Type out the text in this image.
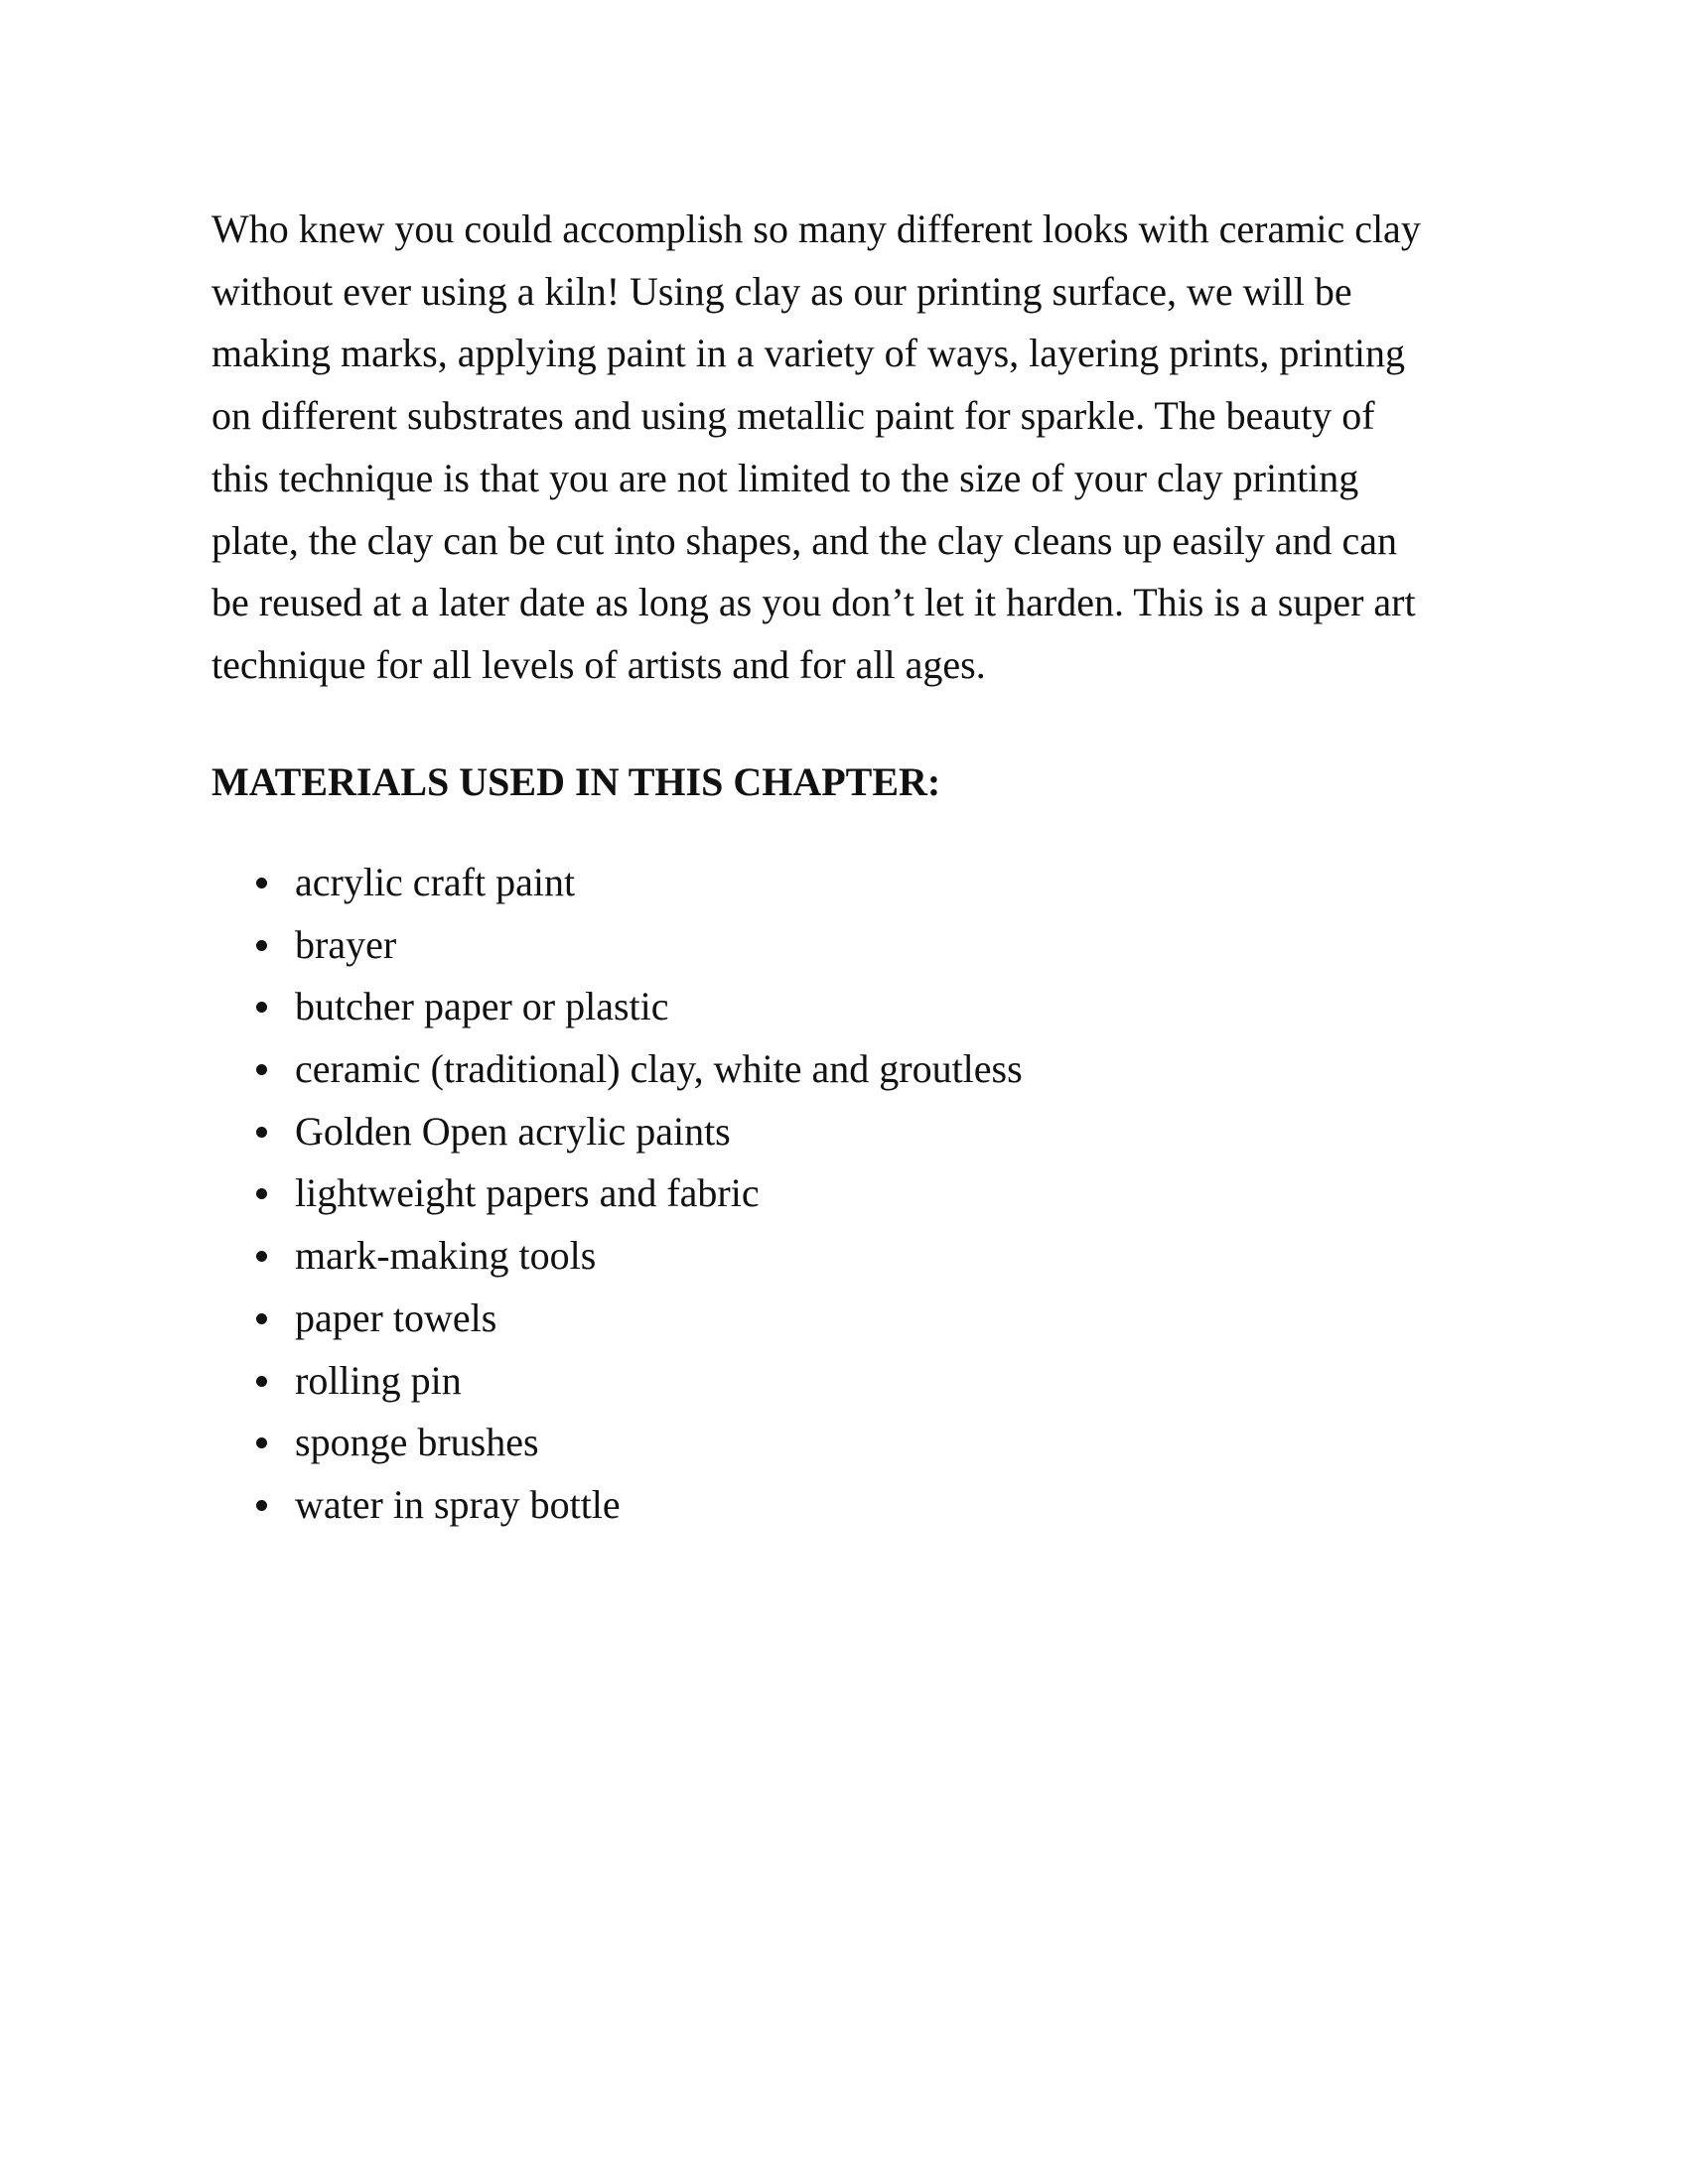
Who knew you could accomplish so many different looks with ceramic clay
without ever using a kiln! Using clay as our printing surface, we will be
making marks, applying paint in a variety of ways, layering prints, printing
on different substrates and using metallic paint for sparkle. The beauty of
this technique is that you are not limited to the size of your clay printing
plate, the clay can be cut into shapes, and the clay cleans up easily and can
be reused at a later date as long as you don’t let it harden. This is a super art
technique for all levels of artists and for all ages.

MATERIALS USED IN THIS CHAPTER:
acrylic craft paint
brayer
butcher paper or plastic
ceramic (traditional) clay, white and groutless
Golden Open acrylic paints
lightweight papers and fabric
mark-making tools
paper towels
rolling pin
sponge brushes
water in spray bottle
